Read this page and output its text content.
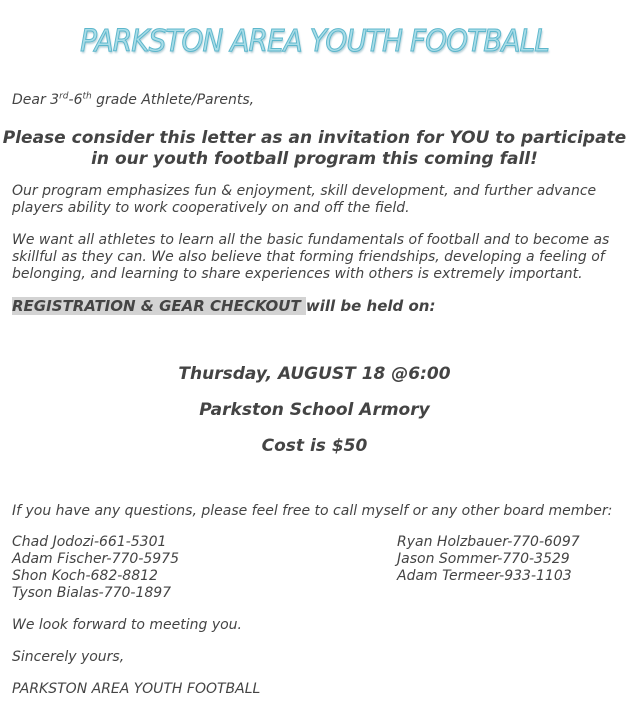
PARKSTON AREA YOUTH FOOTBALL
Dear 3rd-6th grade Athlete/Parents,
Please consider this letter as an invitation for YOU to participate in our youth football program this coming fall!
Our program emphasizes fun & enjoyment, skill development, and further advance players ability to work cooperatively on and off the field.
We want all athletes to learn all the basic fundamentals of football and to become as skillful as they can. We also believe that forming friendships, developing a feeling of belonging, and learning to share experiences with others is extremely important.
REGISTRATION & GEAR CHECKOUT will be held on:
Thursday, AUGUST 18 @6:00
Parkston School Armory
Cost is $50
If you have any questions, please feel free to call myself or any other board member:
Chad Jodozi-661-5301
Adam Fischer-770-5975
Shon Koch-682-8812
Tyson Bialas-770-1897
Ryan Holzbauer-770-6097
Jason Sommer-770-3529
Adam Termeer-933-1103
We look forward to meeting you.
Sincerely yours,
PARKSTON AREA YOUTH FOOTBALL
